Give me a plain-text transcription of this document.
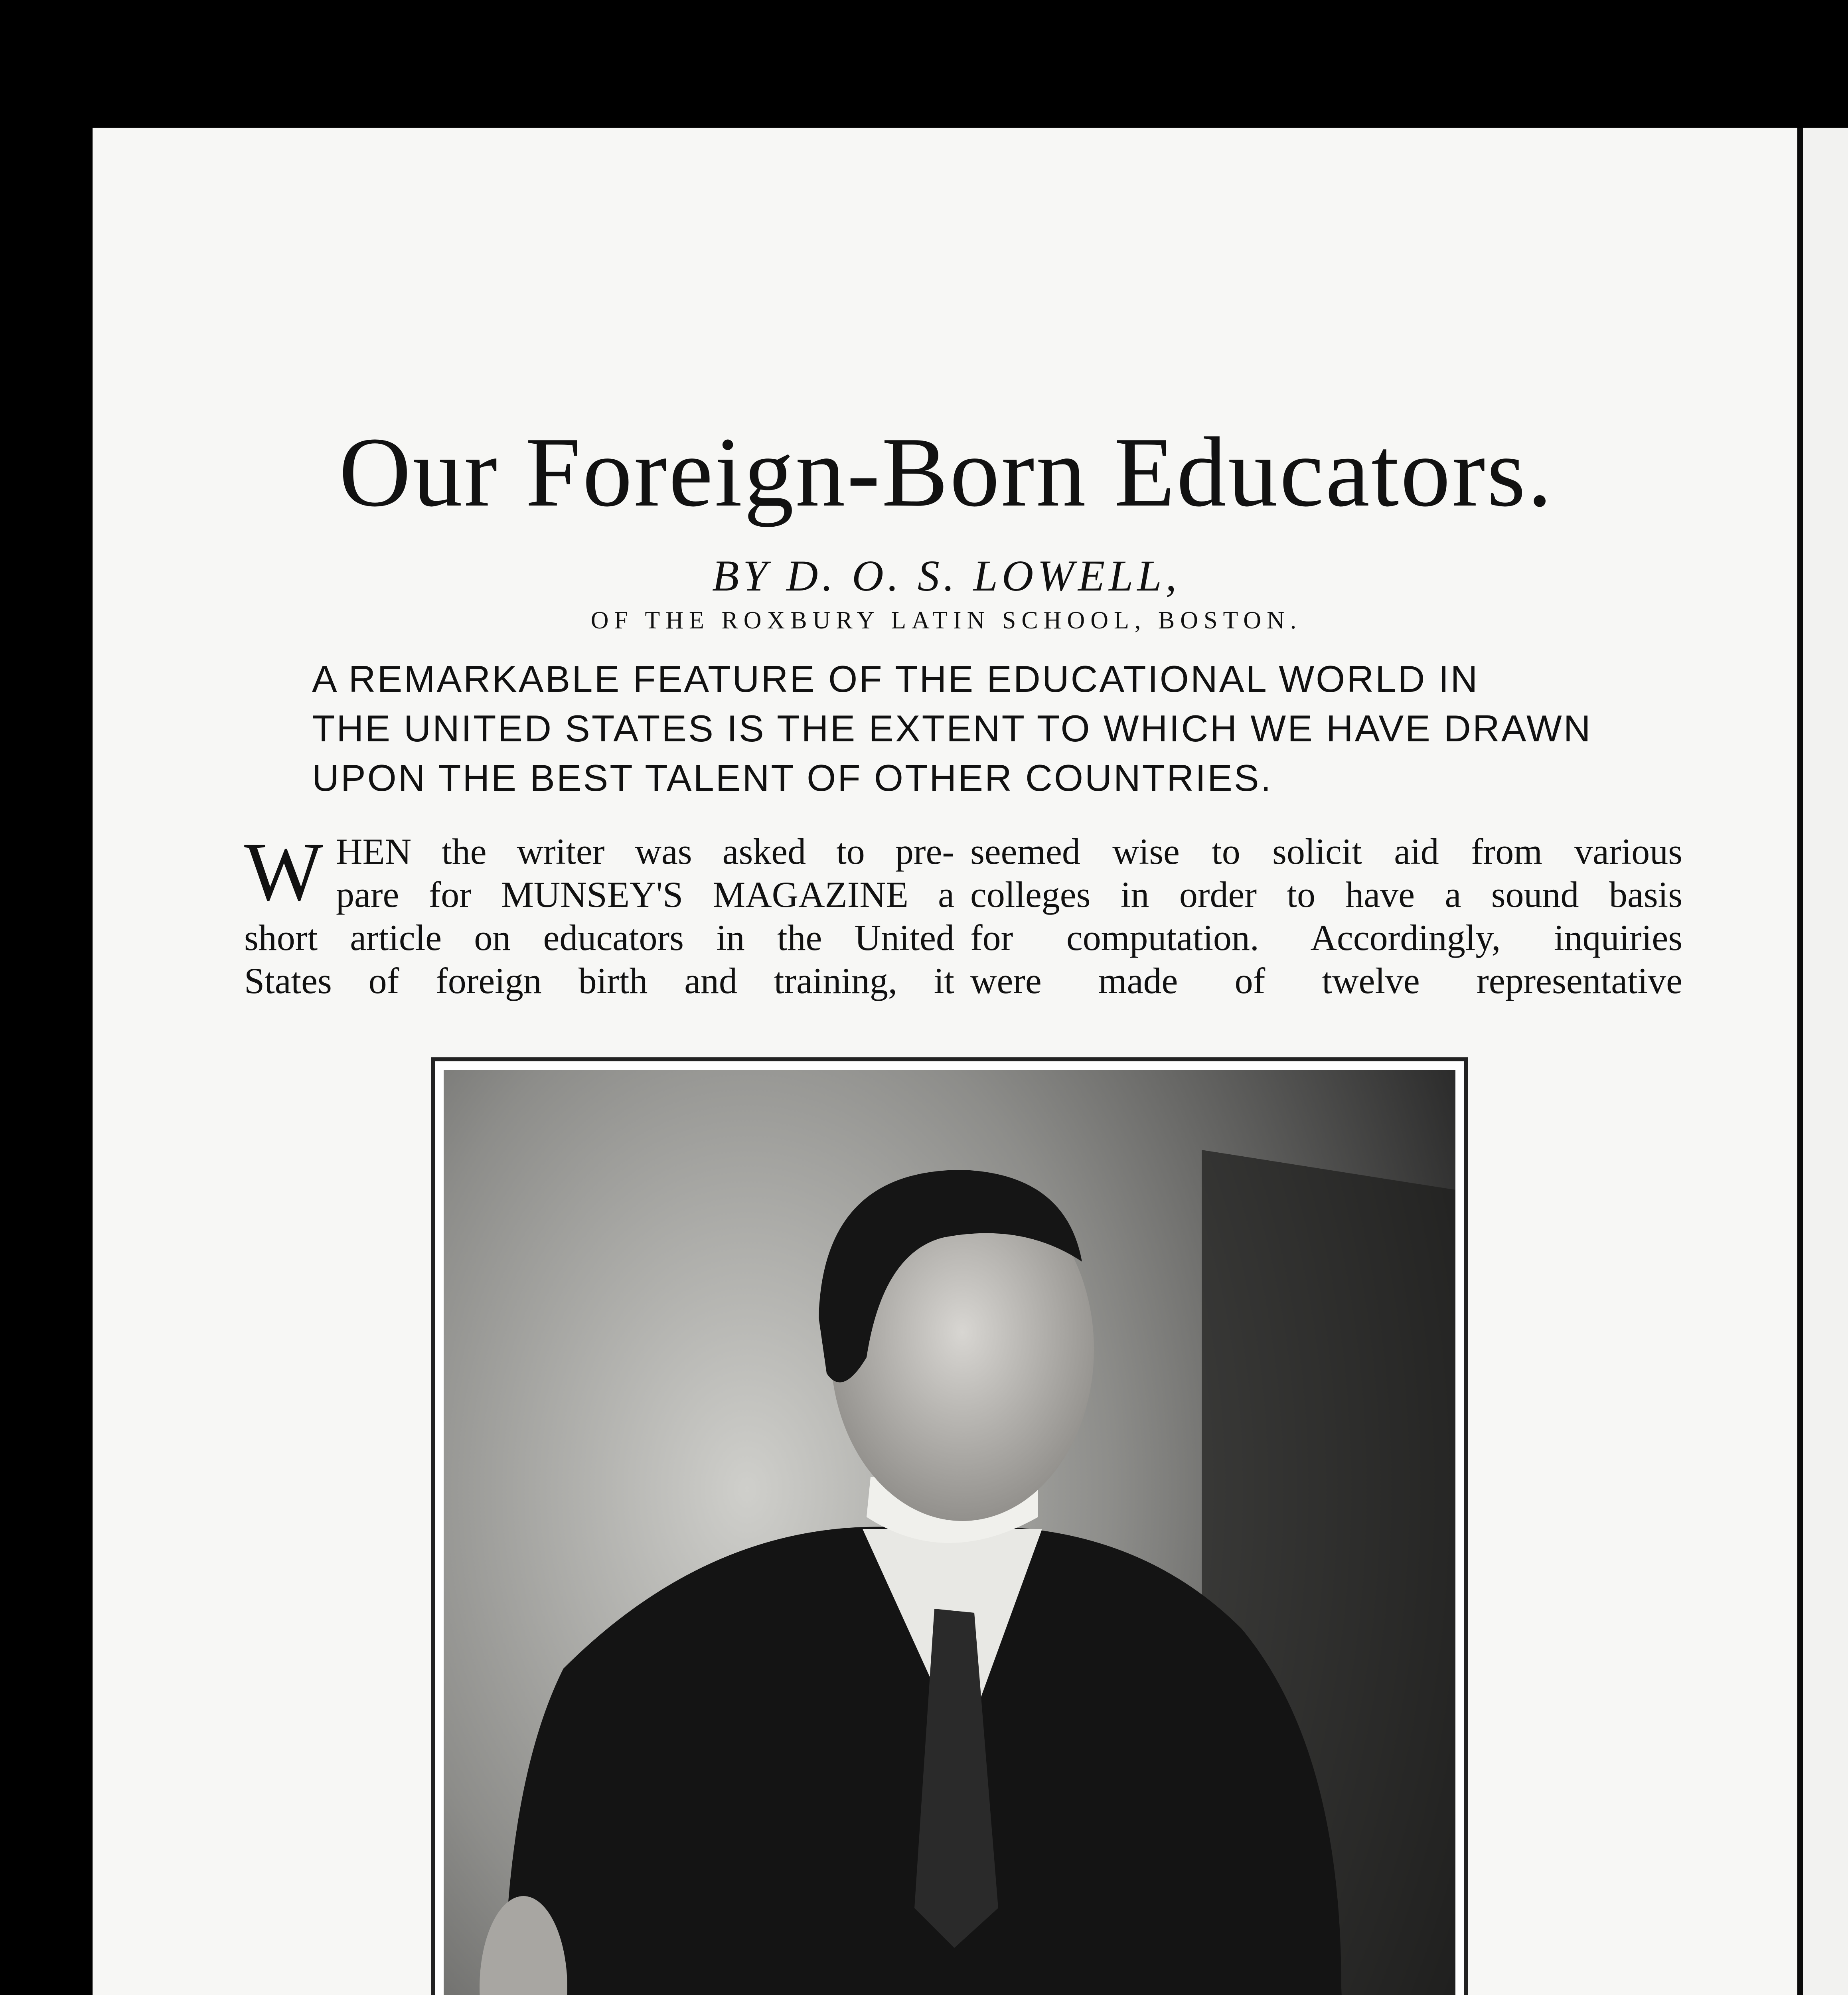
Our Foreign-Born Educators.
BY D. O. S. LOWELL,
OF THE ROXBURY LATIN SCHOOL, BOSTON.
A REMARKABLE FEATURE OF THE EDUCATIONAL WORLD IN
THE UNITED STATES IS THE EXTENT TO WHICH WE HAVE DRAWN
UPON THE BEST TALENT OF OTHER COUNTRIES.
W HEN the writer was asked to pre-
pare for MUNSEY'S MAGAZINE a
short article on educators in the United
States of foreign birth and training, it
seemed wise to solicit aid from various
colleges in order to have a sound basis
for computation. Accordingly, inquiries
were made of twelve representative
